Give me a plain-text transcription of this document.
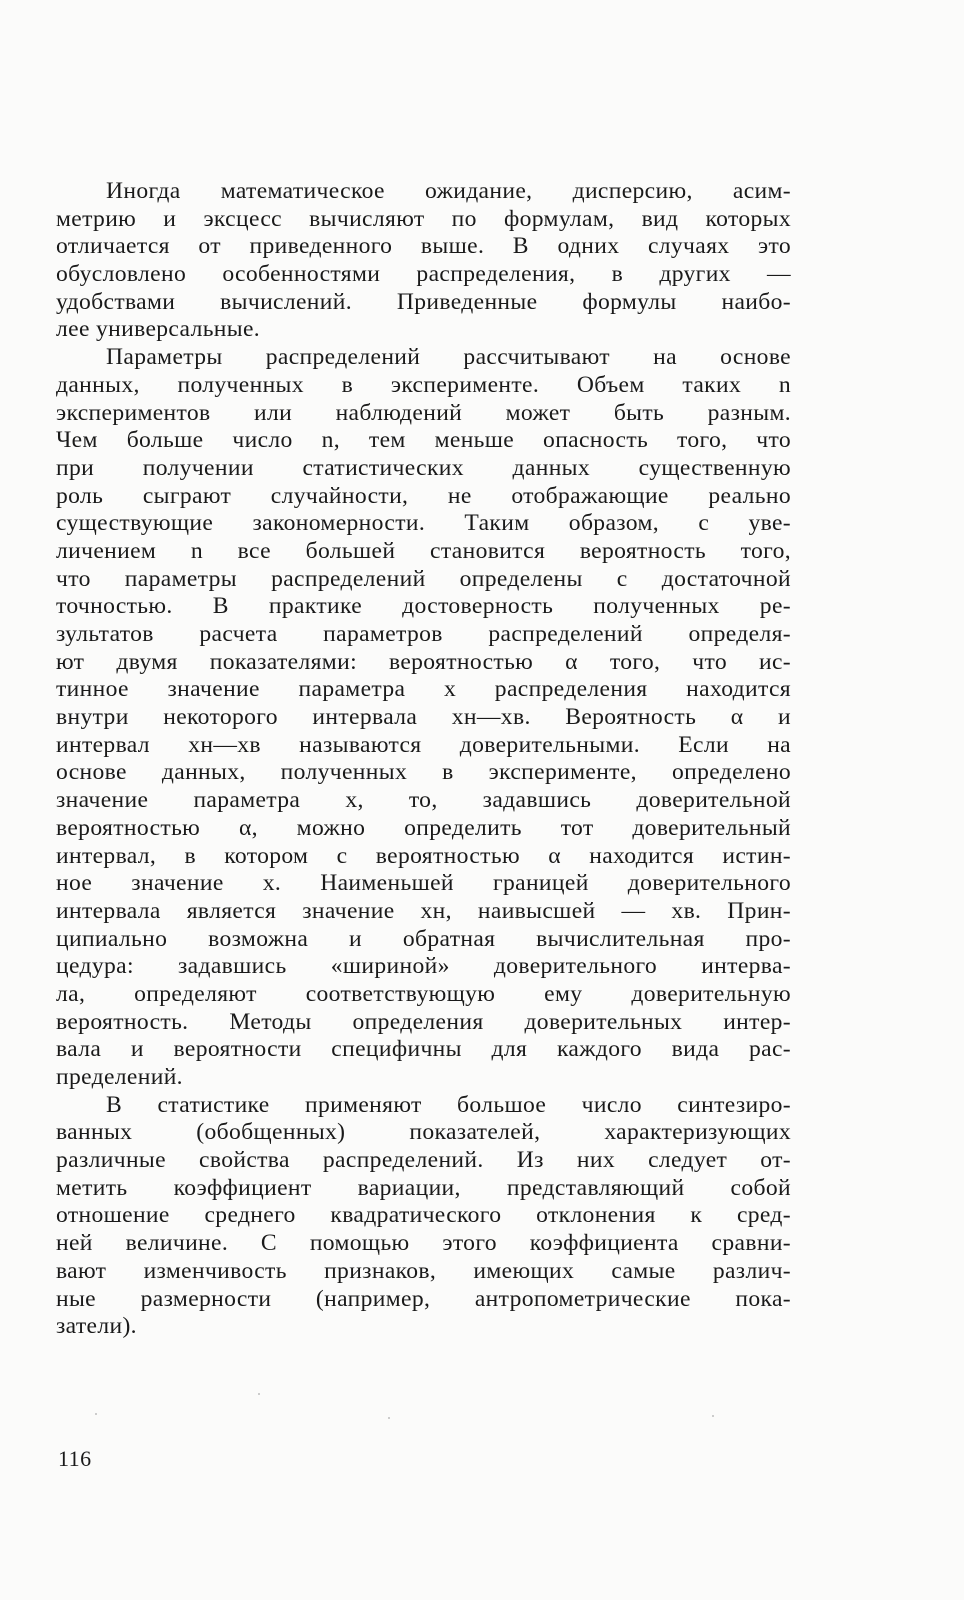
Иногда математическое ожидание, дисперсию, асим-
метрию и эксцесс вычисляют по формулам, вид которых
отличается от приведенного выше. В одних случаях это
обусловлено особенностями распределения, в других —
удобствами вычислений. Приведенные формулы наибо-
лее универсальные.
Параметры распределений рассчитывают на основе
данных, полученных в эксперименте. Объем таких n
экспериментов или наблюдений может быть разным.
Чем больше число n, тем меньше опасность того, что
при получении статистических данных существенную
роль сыграют случайности, не отображающие реально
существующие закономерности. Таким образом, с уве-
личением n все большей становится вероятность того,
что параметры распределений определены с достаточной
точностью. В практике достоверность полученных ре-
зультатов расчета параметров распределений определя-
ют двумя показателями: вероятностью α того, что ис-
тинное значение параметра x распределения находится
внутри некоторого интервала xн—xв. Вероятность α и
интервал xн—xв называются доверительными. Если на
основе данных, полученных в эксперименте, определено
значение параметра x, то, задавшись доверительной
вероятностью α, можно определить тот доверительный
интервал, в котором с вероятностью α находится истин-
ное значение x. Наименьшей границей доверительного
интервала является значение xн, наивысшей — xв. Прин-
ципиально возможна и обратная вычислительная про-
цедура: задавшись «шириной» доверительного интерва-
ла, определяют соответствующую ему доверительную
вероятность. Методы определения доверительных интер-
вала и вероятности специфичны для каждого вида рас-
пределений.
В статистике применяют большое число синтезиро-
ванных (обобщенных) показателей, характеризующих
различные свойства распределений. Из них следует от-
метить коэффициент вариации, представляющий собой
отношение среднего квадратического отклонения к сред-
ней величине. С помощью этого коэффициента сравни-
вают изменчивость признаков, имеющих самые различ-
ные размерности (например, антропометрические пока-
затели).
116
